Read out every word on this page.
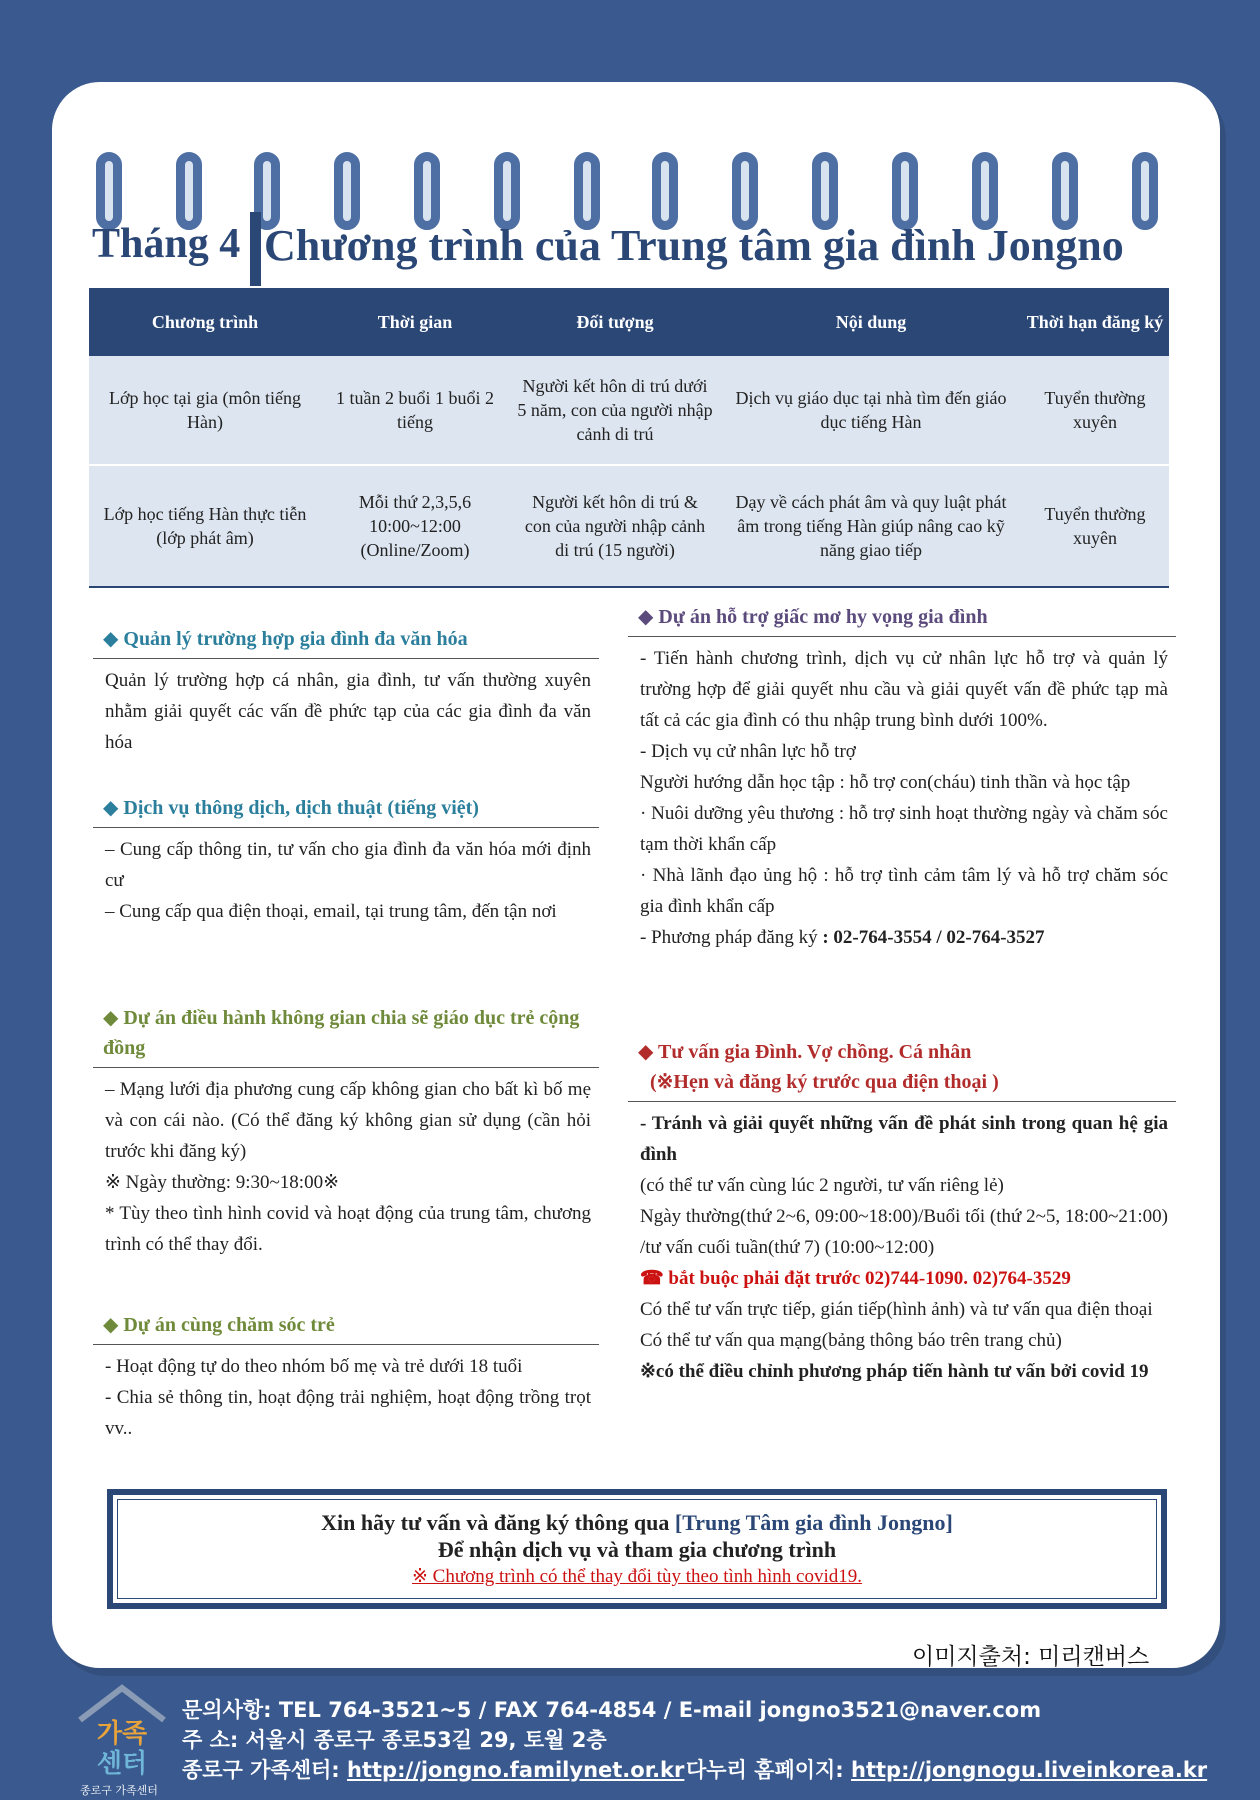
Tháng 4 Chương trình của Trung tâm gia đình Jongno
Chương trình	Thời gian	Đối tượng	Nội dung	Thời hạn đăng ký
Lớp học tại gia (môn tiếng Hàn)	1 tuần 2 buổi 1 buổi 2 tiếng	Người kết hôn di trú dưới 5 năm, con của người nhập cảnh di trú	Dịch vụ giáo dục tại nhà tìm đến giáo dục tiếng Hàn	Tuyển thường xuyên
Lớp học tiếng Hàn thực tiễn (lớp phát âm)	Mỗi thứ 2,3,5,6 10:00~12:00 (Online/Zoom)	Người kết hôn di trú & con của người nhập cảnh di trú (15 người)	Dạy về cách phát âm và quy luật phát âm trong tiếng Hàn giúp nâng cao kỹ năng giao tiếp	Tuyển thường xuyên
◆ Quản lý trường hợp gia đình đa văn hóa

Quản lý trường hợp cá nhân, gia đình, tư vấn thường xuyên nhằm giải quyết các vấn đề phức tạp của các gia đình đa văn hóa

◆ Dịch vụ thông dịch, dịch thuật (tiếng việt)

– Cung cấp thông tin, tư vấn cho gia đình đa văn hóa mới định cư

– Cung cấp qua điện thoại, email, tại trung tâm, đến tận nơi

◆ Dự án điều hành không gian chia sẽ giáo dục trẻ cộng đồng

– Mạng lưới địa phương cung cấp không gian cho bất kì bố mẹ và con cái nào. (Có thể đăng ký không gian sử dụng (cần hỏi trước khi đăng ký)

※ Ngày thường: 9:30~18:00※

* Tùy theo tình hình covid và hoạt động của trung tâm, chương trình có thể thay đổi.

◆ Dự án cùng chăm sóc trẻ

- Hoạt động tự do theo nhóm bố mẹ và trẻ dưới 18 tuổi

- Chia sẻ thông tin, hoạt động trải nghiệm, hoạt động trồng trọt vv..

◆ Dự án hỗ trợ giấc mơ hy vọng gia đình

- Tiến hành chương trình, dịch vụ cử nhân lực hỗ trợ và quản lý trường hợp để giải quyết nhu cầu và giải quyết vấn đề phức tạp mà tất cả các gia đình có thu nhập trung bình dưới 100%.

- Dịch vụ cử nhân lực hỗ trợ

Người hướng dẫn học tập : hỗ trợ con(cháu) tinh thần và học tập

· Nuôi dưỡng yêu thương : hỗ trợ sinh hoạt thường ngày và chăm sóc tạm thời khẩn cấp

· Nhà lãnh đạo ủng hộ : hỗ trợ tình cảm tâm lý và hỗ trợ chăm sóc gia đình khẩn cấp

- Phương pháp đăng ký : 02-764-3554 / 02-764-3527

◆ Tư vấn gia Đình. Vợ chồng. Cá nhân
(※Hẹn và đăng ký trước qua điện thoại )

- Tránh và giải quyết những vấn đề phát sinh trong quan hệ gia đình

(có thể tư vấn cùng lúc 2 người, tư vấn riêng lẻ)

Ngày thường(thứ 2~6, 09:00~18:00)/Buổi tối (thứ 2~5, 18:00~21:00)

/tư vấn cuối tuần(thứ 7) (10:00~12:00)

☎ bắt buộc phải đặt trước 02)744-1090. 02)764-3529

Có thể tư vấn trực tiếp, gián tiếp(hình ảnh) và tư vấn qua điện thoại

Có thể tư vấn qua mạng(bảng thông báo trên trang chủ)

※có thể điều chỉnh phương pháp tiến hành tư vấn bởi covid 19

Xin hãy tư vấn và đăng ký thông qua [Trung Tâm gia đình Jongno]
Để nhận dịch vụ và tham gia chương trình
※ Chương trình có thể thay đổi tùy theo tình hình covid19.
이미지출처: 미리캔버스
가족
센터
종로구 가족센터
문의사항: TEL 764-3521~5 / FAX 764-4854 / E-mail jongno3521@naver.com
주 소: 서울시 종로구 종로53길 29, 토월 2층
종로구 가족센터: http://jongno.familynet.or.kr 다누리 홈페이지: http://jongnogu.liveinkorea.kr
